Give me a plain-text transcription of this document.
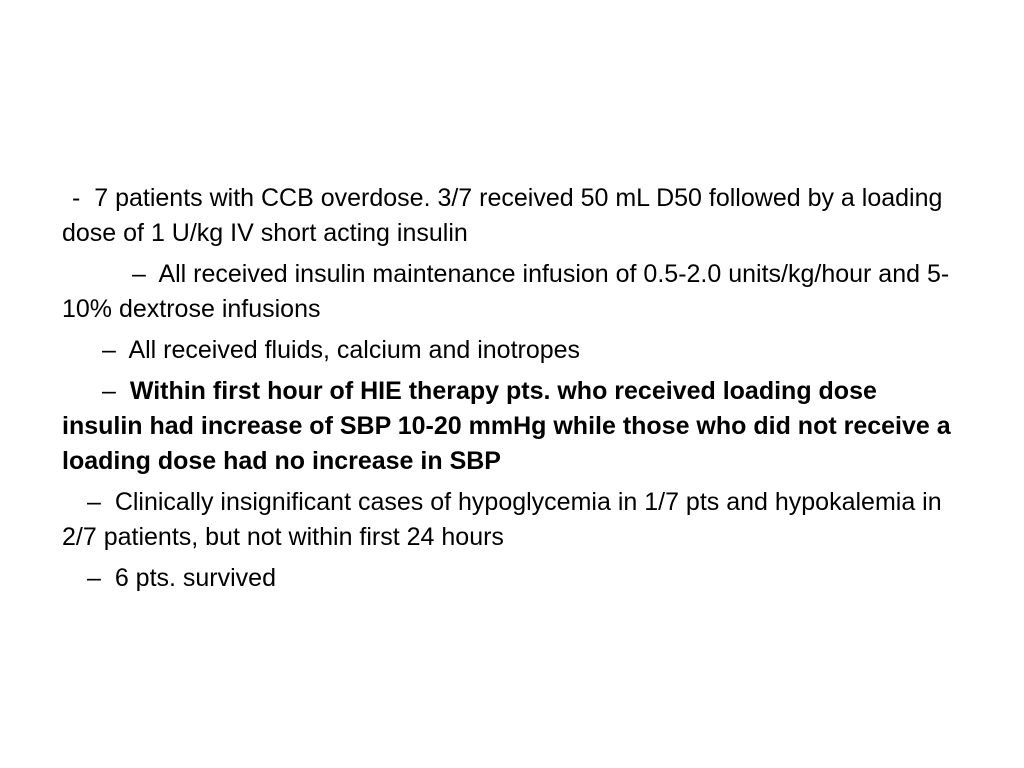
-  7 patients with CCB overdose. 3/7 received 50 mL D50 followed by a loading dose of 1 U/kg IV short acting insulin

–  All received insulin maintenance infusion of 0.5-2.0 units/kg/hour and 5- 10% dextrose infusions

–  All received fluids, calcium and inotropes

–  Within first hour of HIE therapy pts. who received loading dose insulin had increase of SBP 10-20 mmHg while those who did not receive a loading dose had no increase in SBP

–  Clinically insignificant cases of hypoglycemia in 1/7 pts and hypokalemia in 2/7 patients, but not within first 24 hours

–  6 pts. survived
